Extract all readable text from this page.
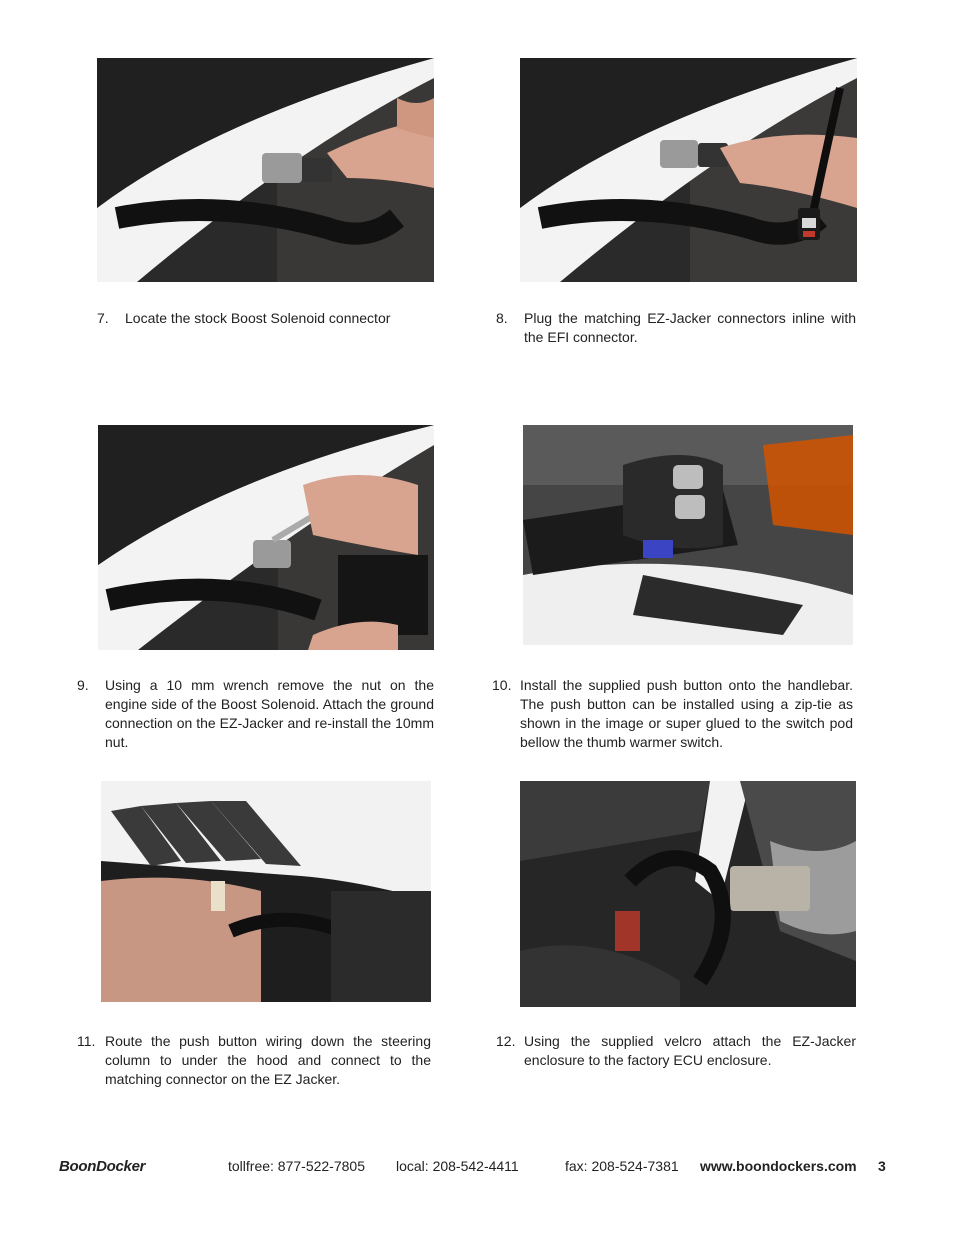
7. Locate the stock Boost Solenoid connector	8. Plug the matching EZ-Jacker connectors inline with the EFI connector.
9. Using a 10 mm wrench remove the nut on the engine side of the Boost Solenoid. Attach the ground connection on the EZ-Jacker and re-install the 10mm nut.
10. Install the supplied push button onto the handlebar. The push button can be installed using a zip-tie as shown in the image or super glued to the switch pod bellow the thumb warmer switch.
11. Route the push button wiring down the steering column to under the hood and connect to the matching connector on the EZ Jacker.
12. Using the supplied velcro attach the EZ-Jacker enclosure to the factory ECU enclosure.
BoonDocker	tollfree: 877-522-7805 local: 208-542-4411	fax: 208-524-7381 www.boondockers.com 3
